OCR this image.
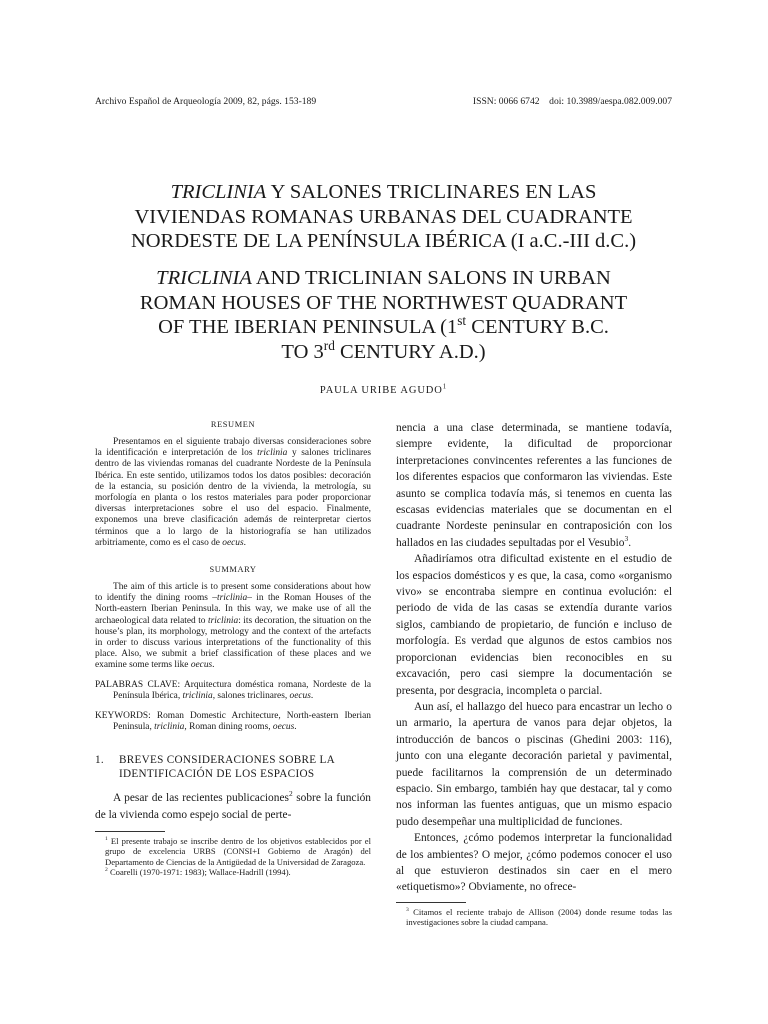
Archivo Español de Arqueología 2009, 82, págs. 153-189	ISSN: 0066 6742    doi: 10.3989/aespa.082.009.007
TRICLINIA Y SALONES TRICLINARES EN LAS
VIVIENDAS ROMANAS URBANAS DEL CUADRANTE
NORDESTE DE LA PENÍNSULA IBÉRICA (I a.C.-III d.C.)
TRICLINIA AND TRICLINIAN SALONS IN URBAN
ROMAN HOUSES OF THE NORTHWEST QUADRANT
OF THE IBERIAN PENINSULA (1st CENTURY B.C.
TO 3rd CENTURY A.D.)
PAULA URIBE AGUDO$^1$
RESUMEN

Presentamos en el siguiente trabajo diversas consideraciones sobre la identificación e interpretación de los triclinia y salones triclinares dentro de las viviendas romanas del cuadrante Nordeste de la Península Ibérica. En este sentido, utilizamos todos los datos posibles: decoración de la estancia, su posición dentro de la vivienda, la metrología, su morfología en planta o los restos materiales para poder proporcionar diversas interpretaciones sobre el uso del espacio. Finalmente, exponemos una breve clasificación además de reinterpretar ciertos términos que a lo largo de la historiografía se han utilizados arbitriamente, como es el caso de oecus.

SUMMARY

The aim of this article is to present some considerations about how to identify the dining rooms –triclinia– in the Roman Houses of the North-eastern Iberian Peninsula. In this way, we make use of all the archaeological data related to triclinia: its decoration, the situation on the house’s plan, its morphology, metrology and the context of the artefacts in order to discuss various interpretations of the functionality of this place. Also, we submit a brief classification of these places and we examine some terms like oecus.

PALABRAS CLAVE: Arquitectura doméstica romana, Nordeste de la Península Ibérica, triclinia, salones triclinares, oecus.

KEYWORDS: Roman Domestic Architecture, North-eastern Iberian Peninsula, triclinia, Roman dining rooms, oecus.

1. BREVES CONSIDERACIONES SOBRE LA IDENTIFICACIÓN DE LOS ESPACIOS

A pesar de las recientes publicaciones$^2$ sobre la función de la vivienda como espejo social de perte-

$^1$ El presente trabajo se inscribe dentro de los objetivos establecidos por el grupo de excelencia URBS (CONSI+I Gobierno de Aragón) del Departamento de Ciencias de la Antigüedad de la Universidad de Zaragoza.

$^2$ Coarelli (1970-1971: 1983); Wallace-Hadrill (1994).

nencia a una clase determinada, se mantiene todavía, siempre evidente, la dificultad de proporcionar interpretaciones convincentes referentes a las funciones de los diferentes espacios que conformaron las viviendas. Este asunto se complica todavía más, si tenemos en cuenta las escasas evidencias materiales que se documentan en el cuadrante Nordeste peninsular en contraposición con los hallados en las ciudades sepultadas por el Vesubio$^3$.

Añadiríamos otra dificultad existente en el estudio de los espacios domésticos y es que, la casa, como «organismo vivo» se encontraba siempre en continua evolución: el periodo de vida de las casas se extendía durante varios siglos, cambiando de propietario, de función e incluso de morfología. Es verdad que algunos de estos cambios nos proporcionan evidencias bien reconocibles en su excavación, pero casi siempre la documentación se presenta, por desgracia, incompleta o parcial.

Aun así, el hallazgo del hueco para encastrar un lecho o un armario, la apertura de vanos para dejar objetos, la introducción de bancos o piscinas (Ghedini 2003: 116), junto con una elegante decoración parietal y pavimental, puede facilitarnos la comprensión de un determinado espacio. Sin embargo, también hay que destacar, tal y como nos informan las fuentes antiguas, que un mismo espacio pudo desempeñar una multiplicidad de funciones.

Entonces, ¿cómo podemos interpretar la funcionalidad de los ambientes? O mejor, ¿cómo podemos conocer el uso al que estuvieron destinados sin caer en el mero «etiquetismo»? Obviamente, no ofrece-

$^3$ Citamos el reciente trabajo de Allison (2004) donde resume todas las investigaciones sobre la ciudad campana.
